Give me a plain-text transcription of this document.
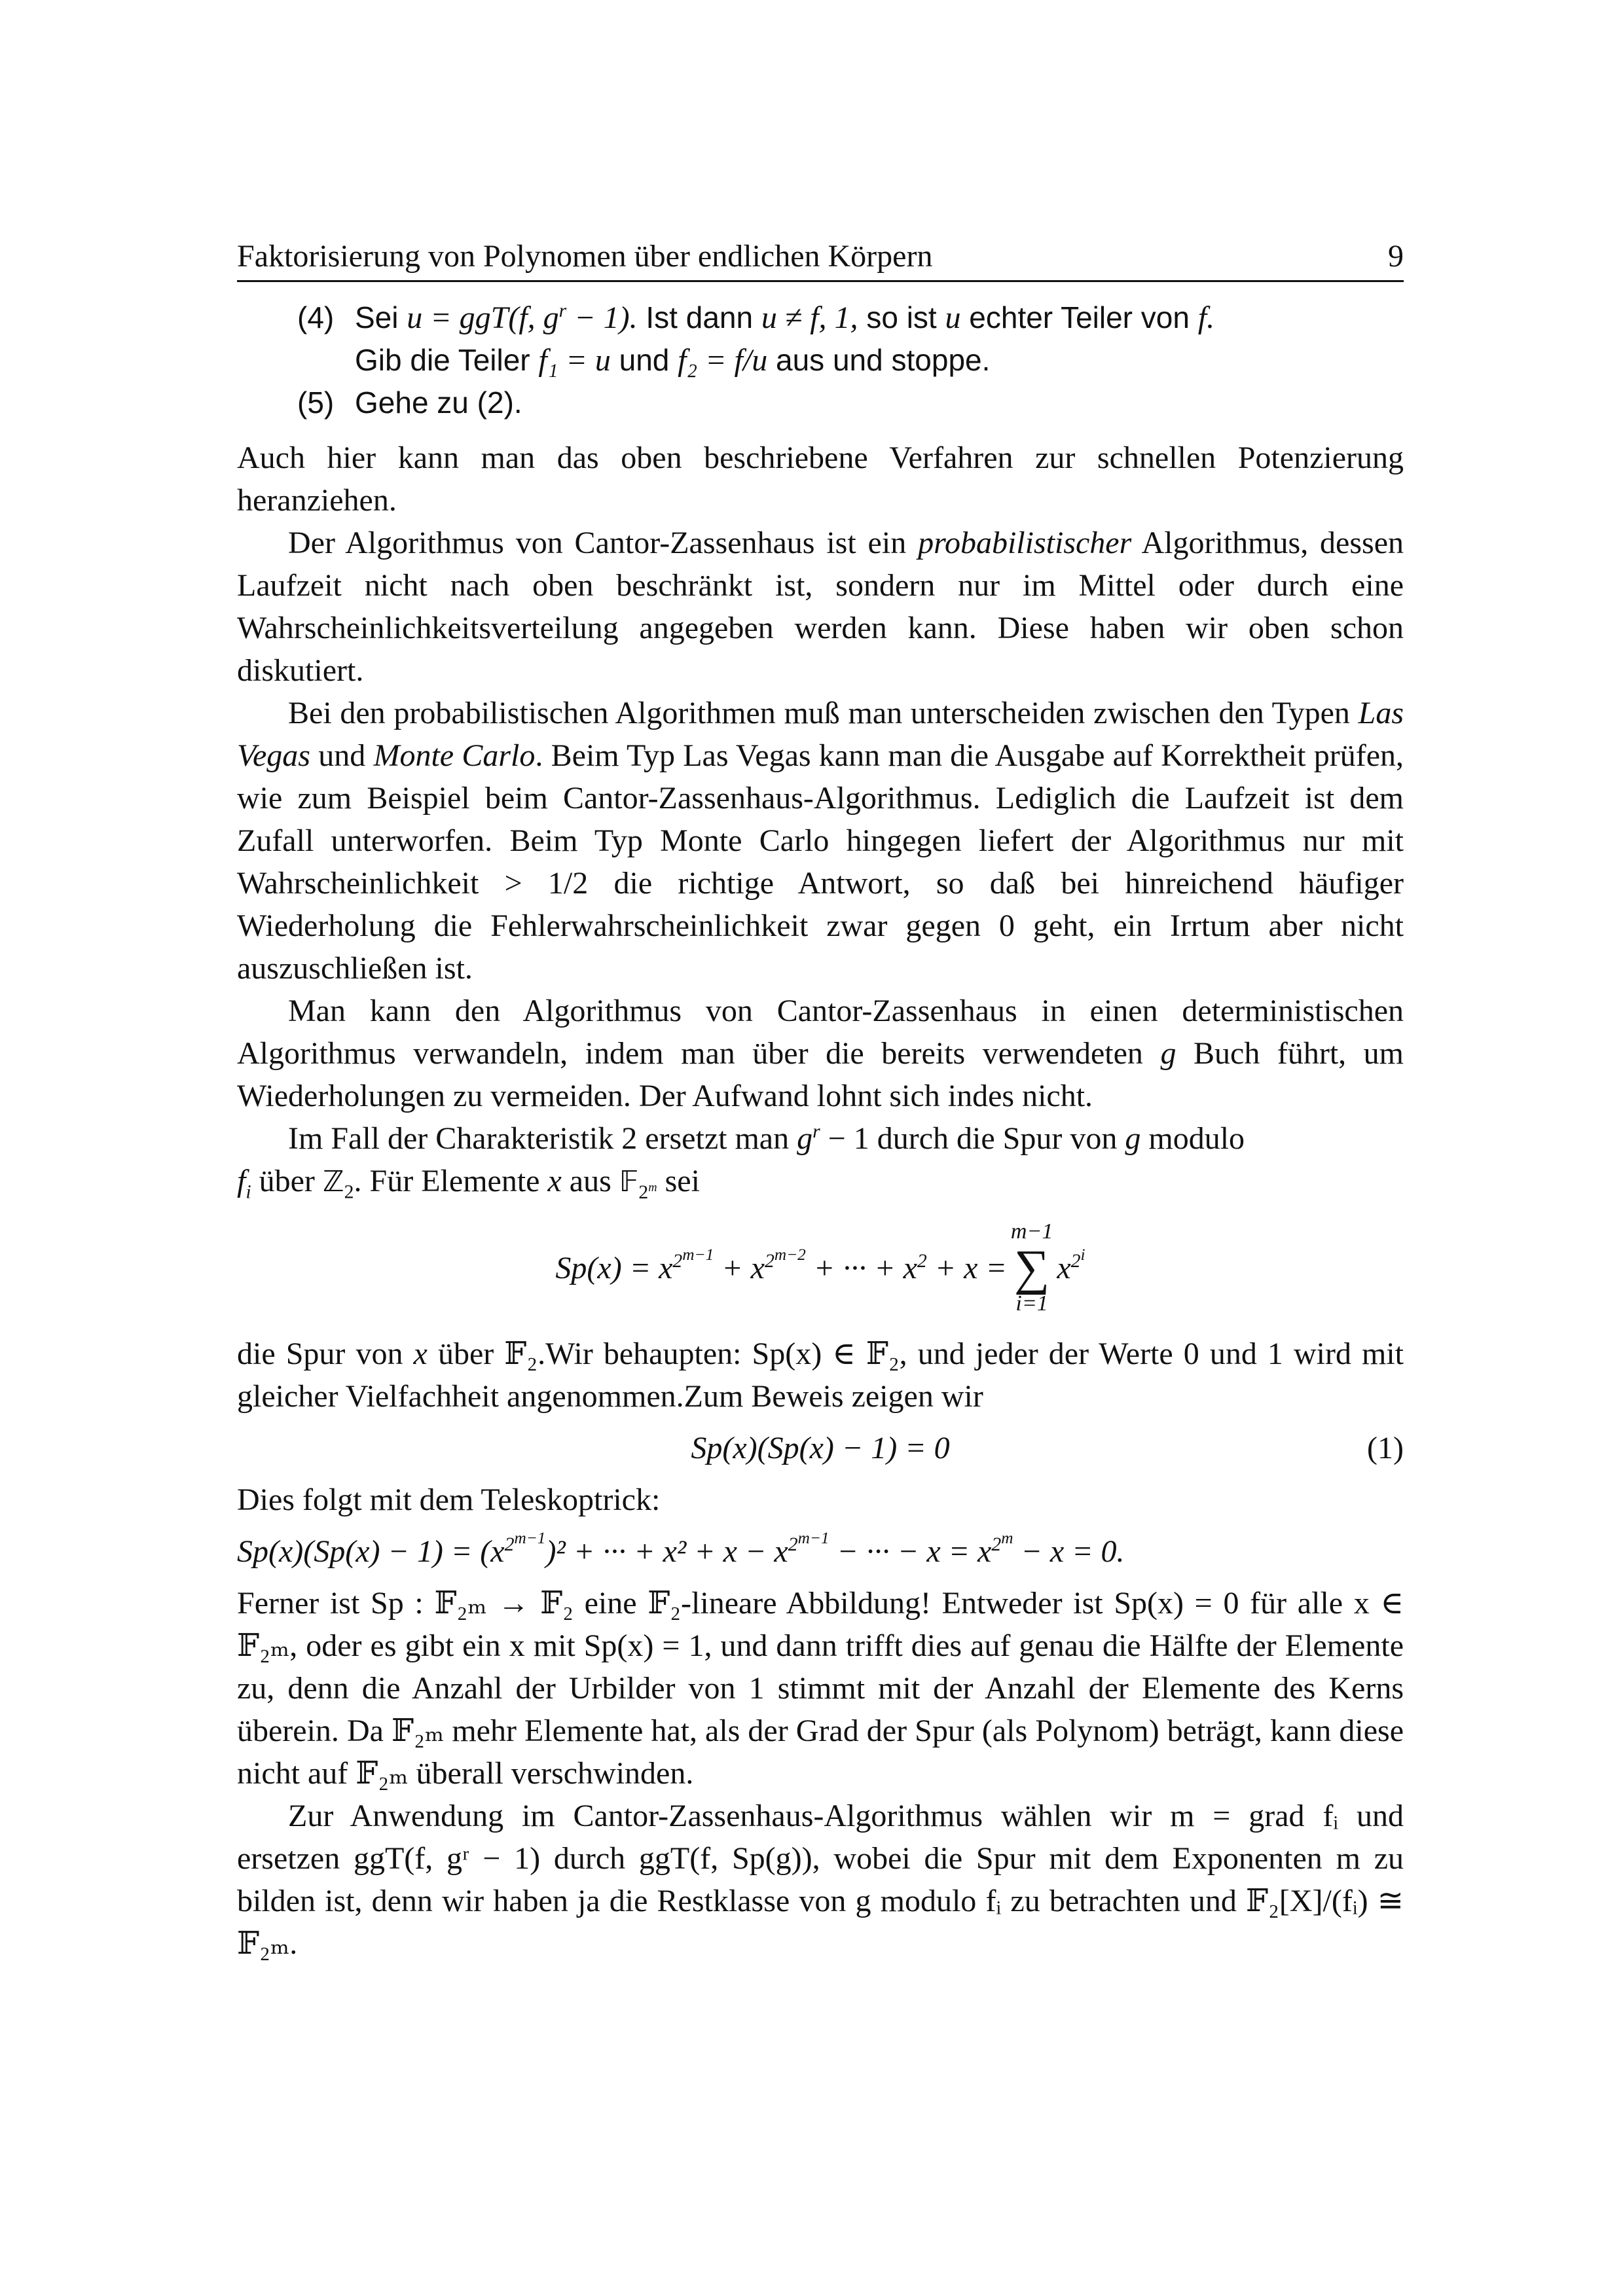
Faktorisierung von Polynomen über endlichen Körpern	9
(4) Sei u = ggT(f, $g^r - 1$). Ist dann u ≠ f, 1, so ist u echter Teiler von f.
Gib die Teiler f₁ = u und f₂ = f/u aus und stoppe.
(5) Gehe zu (2).

Auch hier kann man das oben beschriebene Verfahren zur schnellen Potenzierung heranziehen.

Der Algorithmus von Cantor-Zassenhaus ist ein probabilistischer Algorithmus, dessen Laufzeit nicht nach oben beschränkt ist, sondern nur im Mittel oder durch eine Wahrscheinlichkeitsverteilung angegeben werden kann. Diese haben wir oben schon diskutiert.

Bei den probabilistischen Algorithmen muß man unterscheiden zwischen den Typen Las Vegas und Monte Carlo. Beim Typ Las Vegas kann man die Ausgabe auf Korrektheit prüfen, wie zum Beispiel beim Cantor-Zassenhaus-Algorithmus. Lediglich die Laufzeit ist dem Zufall unterworfen. Beim Typ Monte Carlo hingegen liefert der Algorithmus nur mit Wahrscheinlichkeit > 1/2 die richtige Antwort, so daß bei hinreichend häufiger Wiederholung die Fehlerwahrscheinlichkeit zwar gegen 0 geht, ein Irrtum aber nicht auszuschließen ist.

Man kann den Algorithmus von Cantor-Zassenhaus in einen deterministischen Algorithmus verwandeln, indem man über die bereits verwendeten g Buch führt, um Wiederholungen zu vermeiden. Der Aufwand lohnt sich indes nicht.

Im Fall der Charakteristik 2 ersetzt man $g^r - 1$ durch die Spur von g modulo
$f_i$ über ℤ$_2$. Für Elemente x aus 𝔽$_{2^m}$ sei

Sp(x) =
$x^{2^{m-1}} + x^{2^{m-2}}$ + ··· + $x^2 + x$ =
m−1
∑
i=1
$x^{2^i}$

die Spur von x über 𝔽₂.Wir behaupten: Sp(x) ∈ 𝔽₂, und jeder der Werte 0 und 1 wird mit gleicher Vielfachheit angenommen.Zum Beweis zeigen wir

Sp(x)(Sp(x) − 1) = 0	(1)

Dies folgt mit dem Teleskoptrick:

$Sp(x)(Sp(x) - 1) = (x^{2^{m-1}})^2$ + ··· + $x^2 + x - x^{2^{m-1}}$ − ··· − $x = x^{2^m} - x = 0$.

Ferner ist Sp : 𝔽₂ₘ → 𝔽₂ eine 𝔽₂-lineare Abbildung! Entweder ist Sp(x) = 0 für alle x ∈ 𝔽₂ₘ, oder es gibt ein x mit Sp(x) = 1, und dann trifft dies auf genau die Hälfte der Elemente zu, denn die Anzahl der Urbilder von 1 stimmt mit der Anzahl der Elemente des Kerns überein. Da 𝔽₂ₘ mehr Elemente hat, als der Grad der Spur (als Polynom) beträgt, kann diese nicht auf 𝔽₂ₘ überall verschwinden.

Zur Anwendung im Cantor-Zassenhaus-Algorithmus wählen wir m = grad fᵢ und ersetzen ggT(f, gʳ − 1) durch ggT(f, Sp(g)), wobei die Spur mit dem Exponenten m zu bilden ist, denn wir haben ja die Restklasse von g modulo fᵢ zu betrachten und 𝔽₂[X]/(fᵢ) ≅ 𝔽₂ₘ.
